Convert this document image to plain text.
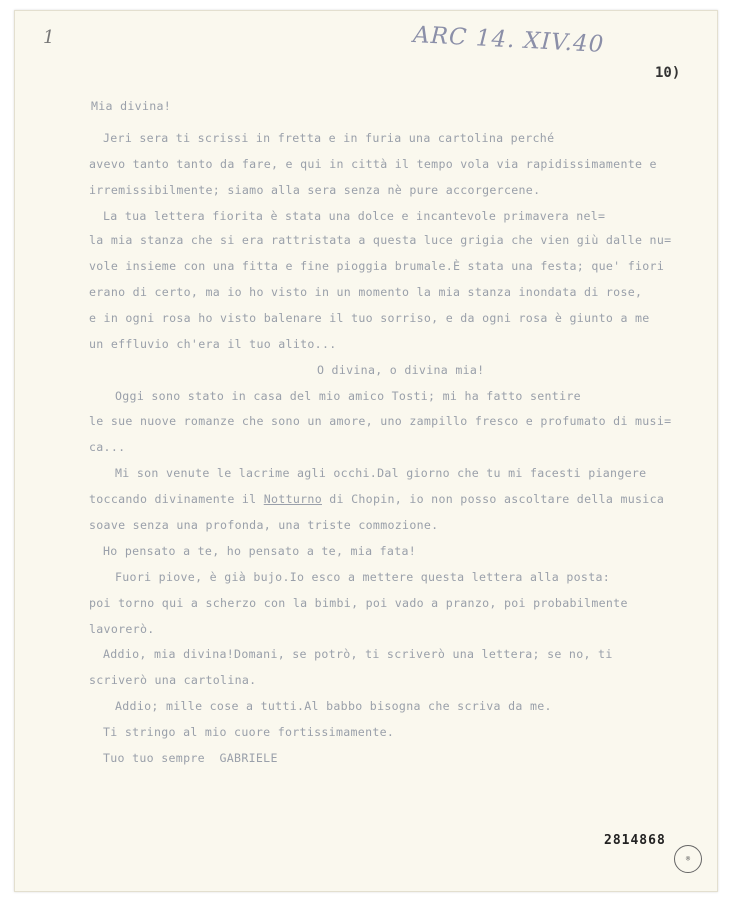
1	ARC 14. XIV.40
10)
Mia divina!
Jeri sera ti scrissi in fretta e in furia una cartolina perché
avevo tanto tanto da fare, e qui in città il tempo vola via rapidissimamente e
irremissibilmente; siamo alla sera senza nè pure accorgercene.
La tua lettera fiorita è stata una dolce e incantevole primavera nel=
la mia stanza che si era rattristata a questa luce grigia che vien giù dalle nu=
vole insieme con una fitta e fine pioggia brumale.È stata una festa; que' fiori
erano di certo, ma io ho visto in un momento la mia stanza inondata di rose,
e in ogni rosa ho visto balenare il tuo sorriso, e da ogni rosa è giunto a me
un effluvio ch'era il tuo alito...
O divina, o divina mia!
Oggi sono stato in casa del mio amico Tosti; mi ha fatto sentire
le sue nuove romanze che sono un amore, uno zampillo fresco e profumato di musi=
ca...
Mi son venute le lacrime agli occhi.Dal giorno che tu mi facesti piangere
toccando divinamente il Notturno di Chopin, io non posso ascoltare della musica
soave senza una profonda, una triste commozione.
Ho pensato a te, ho pensato a te, mia fata!
Fuori piove, è già bujo.Io esco a mettere questa lettera alla posta:
poi torno qui a scherzo con la bimbi, poi vado a pranzo, poi probabilmente
lavorerò.
Addio, mia divina!Domani, se potrò, ti scriverò una lettera; se no, ti
scriverò una cartolina.
Addio; mille cose a tutti.Al babbo bisogna che scriva da me.
Ti stringo al mio cuore fortissimamente.
Tuo tuo sempre  GABRIELE
2814868
®
